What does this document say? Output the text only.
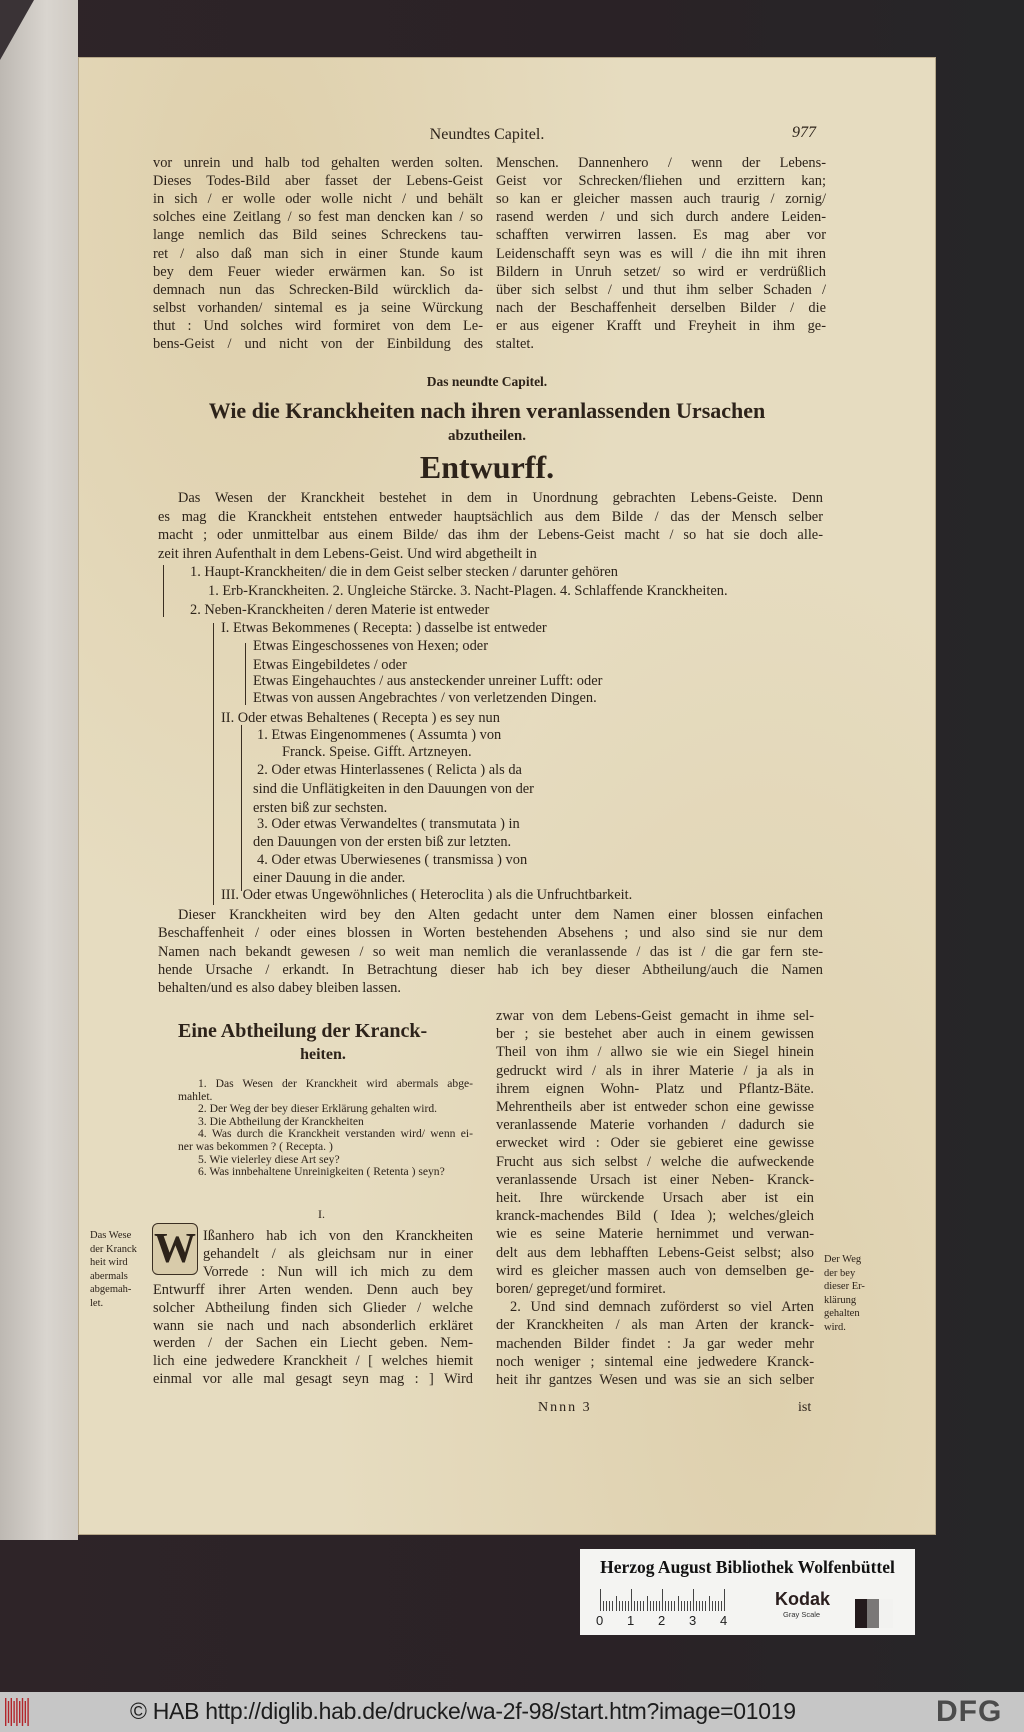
Neundtes Capitel.	977
vor unrein und halb tod gehalten werden solten.
Dieses Todes-Bild aber fasset der Lebens-Geist
in sich / er wolle oder wolle nicht / und behält
solches eine Zeitlang / so fest man dencken kan / so
lange nemlich das Bild seines Schreckens tau-
ret / also daß man sich in einer Stunde kaum
bey dem Feuer wieder erwärmen kan. So ist
demnach nun das Schrecken-Bild würcklich da-
selbst vorhanden/ sintemal es ja seine Würckung
thut : Und solches wird formiret von dem Le-
bens-Geist / und nicht von der Einbildung des
Menschen. Dannenhero / wenn der Lebens-
Geist vor Schrecken/fliehen und erzittern kan;
so kan er gleicher massen auch traurig / zornig/
rasend werden / und sich durch andere Leiden-
schafften verwirren lassen. Es mag aber vor
Leidenschafft seyn was es will / die ihn mit ihren
Bildern in Unruh setzet/ so wird er verdrüßlich
über sich selbst / und thut ihm selber Schaden /
nach der Beschaffenheit derselben Bilder / die
er aus eigener Krafft und Freyheit in ihm ge-
staltet.
Das neundte Capitel.
Wie die Kranckheiten nach ihren veranlassenden Ursachen
abzutheilen.
Entwurff.
Das Wesen der Kranckheit bestehet in dem in Unordnung gebrachten Lebens-Geiste. Denn
es mag die Kranckheit entstehen entweder hauptsächlich aus dem Bilde / das der Mensch selber
macht ; oder unmittelbar aus einem Bilde/ das ihm der Lebens-Geist macht / so hat sie doch alle-
zeit ihren Aufenthalt in dem Lebens-Geist. Und wird abgetheilt in
1. Haupt-Kranckheiten/ die in dem Geist selber stecken / darunter gehören
1. Erb-Kranckheiten. 2. Ungleiche Stärcke. 3. Nacht-Plagen. 4. Schlaffende Kranckheiten.
2. Neben-Kranckheiten / deren Materie ist entweder
I. Etwas Bekommenes ( Recepta: ) dasselbe ist entweder
Etwas Eingeschossenes von Hexen; oder
Etwas Eingebildetes / oder
Etwas Eingehauchtes / aus ansteckender unreiner Lufft: oder
Etwas von aussen Angebrachtes / von verletzenden Dingen.
II. Oder etwas Behaltenes ( Recepta ) es sey nun
1. Etwas Eingenommenes ( Assumta ) von
Franck. Speise. Gifft. Artzneyen.
2. Oder etwas Hinterlassenes ( Relicta ) als da
sind die Unflätigkeiten in den Dauungen von der
ersten biß zur sechsten.
3. Oder etwas Verwandeltes ( transmutata ) in
den Dauungen von der ersten biß zur letzten.
4. Oder etwas Uberwiesenes ( transmissa ) von
einer Dauung in die ander.
III. Oder etwas Ungewöhnliches ( Heteroclita ) als die Unfruchtbarkeit.
Dieser Kranckheiten wird bey den Alten gedacht unter dem Namen einer blossen einfachen
Beschaffenheit / oder eines blossen in Worten bestehenden Absehens ; und also sind sie nur dem
Namen nach bekandt gewesen / so weit man nemlich die veranlassende / das ist / die gar fern ste-
hende Ursache / erkandt. In Betrachtung dieser hab ich bey dieser Abtheilung/auch die Namen
behalten/und es also dabey bleiben lassen.
Eine Abtheilung der Kranck-
heiten.
1. Das Wesen der Kranckheit wird abermals abge-
mahlet.
2. Der Weg der bey dieser Erklärung gehalten wird.
3. Die Abtheilung der Kranckheiten
4. Was durch die Kranckheit verstanden wird/ wenn ei-
ner was bekommen ? ( Recepta. )
5. Wie vielerley diese Art sey?
6. Was innbehaltene Unreinigkeiten ( Retenta ) seyn?
I.
W Ißanhero hab ich von den Kranckheiten
gehandelt / als gleichsam nur in einer
Vorrede : Nun will ich mich zu dem
Entwurff ihrer Arten wenden. Denn auch bey
solcher Abtheilung finden sich Glieder / welche
wann sie nach und nach absonderlich erkläret
werden / der Sachen ein Liecht geben. Nem-
lich eine jedwedere Kranckheit / [ welches hiemit
einmal vor alle mal gesagt seyn mag : ] Wird
Das Wese
der Kranck
heit wird
abermals
abgemah-
let.
zwar von dem Lebens-Geist gemacht in ihme sel-
ber ; sie bestehet aber auch in einem gewissen
Theil von ihm / allwo sie wie ein Siegel hinein
gedruckt wird / als in ihrer Materie / ja als in
ihrem eignen Wohn- Platz und Pflantz-Bäte.
Mehrentheils aber ist entweder schon eine gewisse
veranlassende Materie vorhanden / dadurch sie
erwecket wird : Oder sie gebieret eine gewisse
Frucht aus sich selbst / welche die aufweckende
veranlassende Ursach ist einer Neben- Kranck-
heit. Ihre würckende Ursach aber ist ein
kranck-machendes Bild ( Idea ); welches/gleich
wie es seine Materie hernimmet und verwan-
delt aus dem lebhafften Lebens-Geist selbst; also
wird es gleicher massen auch von demselben ge-
boren/ gepreget/und formiret.
2. Und sind demnach zuförderst so viel Arten
der Kranckheiten / als man Arten der kranck-
machenden Bilder findet : Ja gar weder mehr
noch weniger ; sintemal eine jedwedere Kranck-
heit ihr gantzes Wesen und was sie an sich selber
Der Weg
der bey
dieser Er-
klärung
gehalten
wird.
Nnnn 3	ist
Herzog August Bibliothek Wolfenbüttel
0 1 2 3 4
Kodak
Gray Scale
© HAB http://diglib.hab.de/drucke/wa-2f-98/start.htm?image=01019	DFG
